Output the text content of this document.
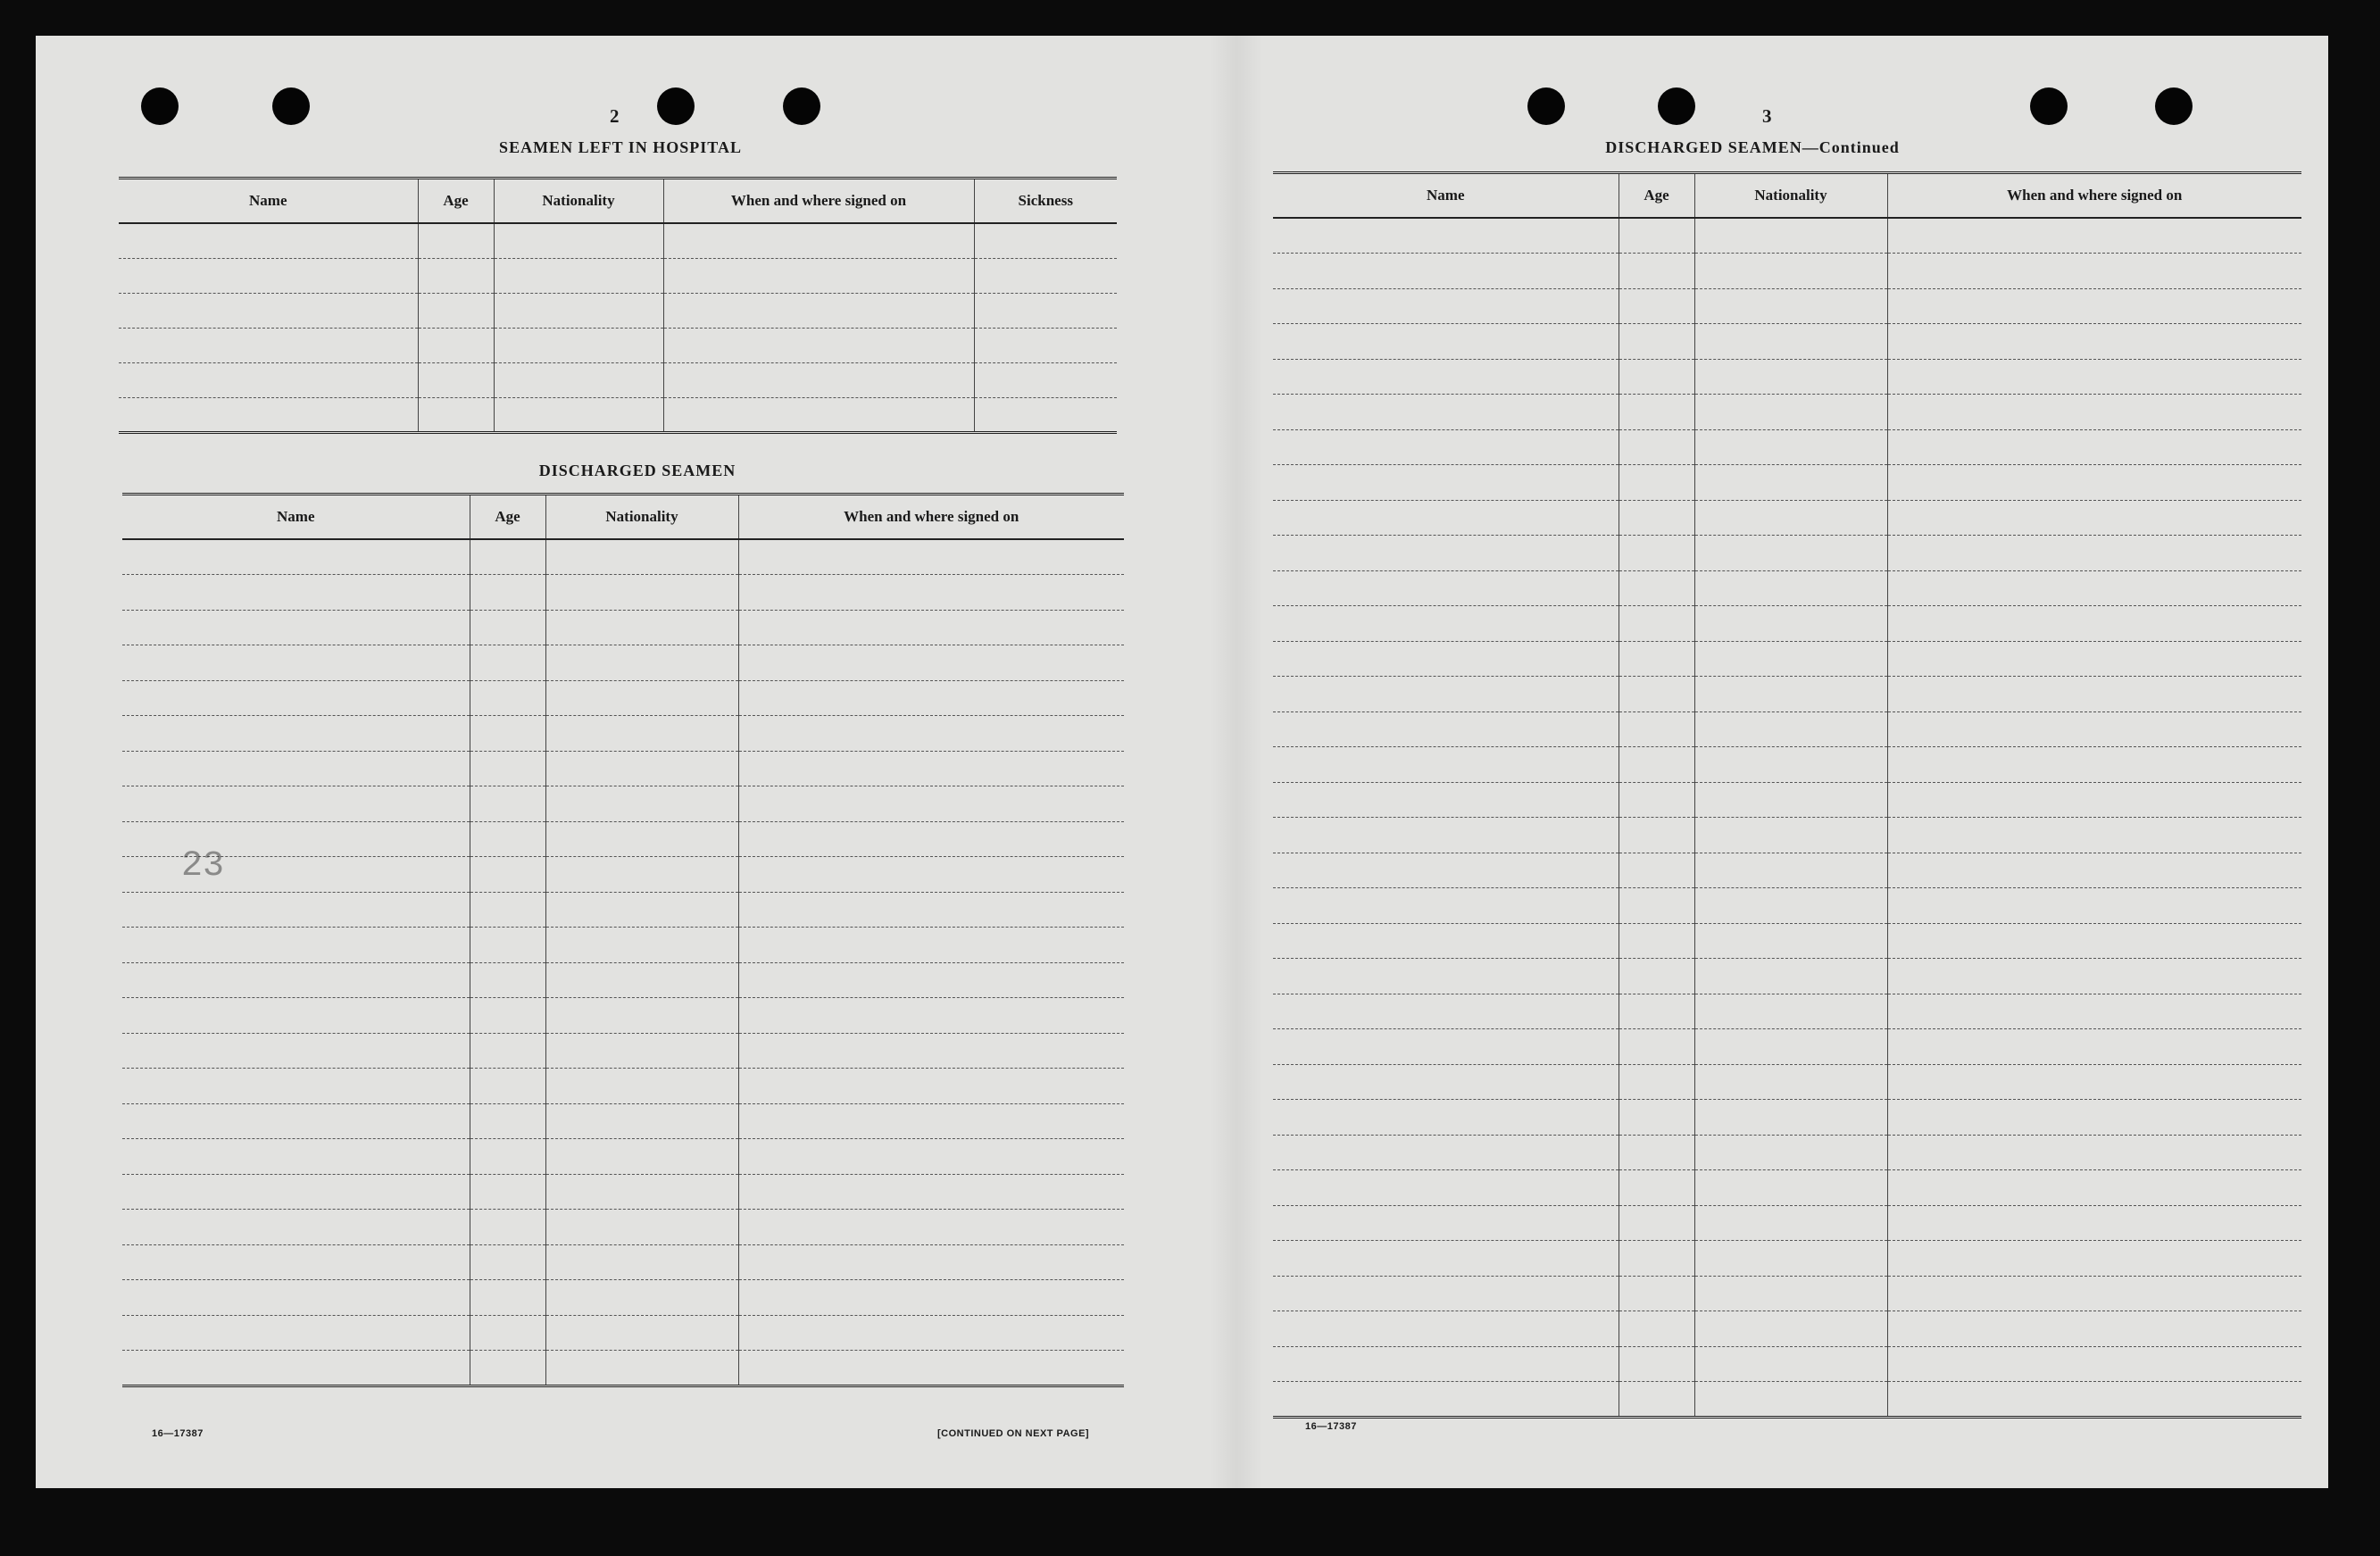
2
SEAMEN LEFT IN HOSPITAL
Name	Age	Nationality	When and where signed on	Sickness

DISCHARGED SEAMEN
Name	Age	Nationality	When and where signed on

23
16—17387	[CONTINUED ON NEXT PAGE]
3
DISCHARGED SEAMEN—Continued
Name	Age	Nationality	When and where signed on

16—17387
